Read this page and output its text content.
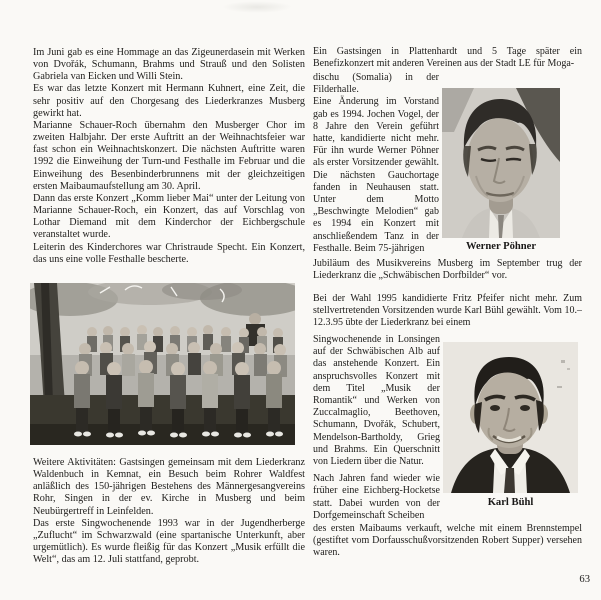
Im Juni gab es eine Hommage an das Zigeunerdasein mit Werken von Dvořák, Schumann, Brahms und Strauß und den Solisten Gabriela van Eicken und Willi Stein.

Es war das letzte Konzert mit Hermann Kuhnert, eine Zeit, die sehr positiv auf den Chorgesang des Liederkranzes Musberg gewirkt hat.

Marianne Schauer-Roch übernahm den Musberger Chor im zweiten Halbjahr. Der erste Auftritt an der Weihnachtsfeier war fast schon ein Weihnachtskonzert. Die nächsten Auftritte waren 1992 die Einweihung der Turn-und Festhalle im Februar und die Einweihung des Besenbinderbrunnens mit der gleichzeitigen ersten Maibaumaufstellung am 30. April.

Dann das erste Konzert „Komm lieber Mai“ unter der Leitung von Marianne Schauer-Roch, ein Konzert, das auf Vorschlag von Lothar Diemand mit dem Kinderchor der Eichbergschule veranstaltet wurde.

Leiterin des Kinderchores war Christraude Specht. Ein Konzert, das uns eine volle Festhalle bescherte.

Weitere Aktivitäten: Gastsingen gemeinsam mit dem Liederkranz Waldenbuch in Kemnat, ein Besuch beim Rohrer Waldfest anläßlich des 150-jährigen Bestehens des Männergesangvereins Rohr, Singen in der ev. Kirche in Musberg und beim Neubürgertreff in Leinfelden.

Das erste Singwochenende 1993 war in der Jugendherberge „Zuflucht“ im Schwarzwald (eine spartanische Unterkunft, aber urgemütlich). Es wurde fleißig für das Konzert „Musik erfüllt die Welt“, das am 12. Juli stattfand, geprobt.

Ein Gastsingen in Plattenhardt und 5 Tage später ein Benefizkonzert mit anderen Vereinen aus der Stadt LE für Moga-

dischu (Somalia) in der Filderhalle.

Eine Änderung im Vorstand gab es 1994. Jochen Vogel, der 8 Jahre den Verein geführt hatte, kandidierte nicht mehr. Für ihn wurde Werner Pöhner als erster Vorsitzender gewählt. Die nächsten Gauchortage fanden in Neuhausen statt. Unter dem Motto „Beschwingte Melodien“ gab es 1994 ein Konzert mit anschließendem Tanz in der Festhalle. Beim 75-jährigen	Werner Pöhner

Jubiläum des Musikvereins Musberg im September trug der Liederkranz die „Schwäbischen Dorfbilder“ vor.

Bei der Wahl 1995 kandidierte Fritz Pfeifer nicht mehr. Zum stellvertretenden Vorsitzenden wurde Karl Bühl gewählt. Vom 10.–12.3.95 übte der Liederkranz bei einem

Singwochenende in Lonsingen auf der Schwäbischen Alb auf das anstehende Konzert. Ein anspruchsvolles Konzert mit dem Titel „Musik der Romantik“ und Werken von Zuccalmaglio, Beethoven, Schumann, Dvořák, Schubert, Mendelson-Bartholdy, Grieg und Brahms. Ein Querschnitt von Liedern über die Natur.

Nach Jahren fand wieder wie früher eine Eichberg-Hocketse statt. Dabei wurden von der Dorfgemeinschaft Scheiben

Karl Bühl

des ersten Maibaums verkauft, welche mit einem Brennstempel (gestiftet vom Dorfausschußvorsitzenden Robert Supper) versehen waren.

63
